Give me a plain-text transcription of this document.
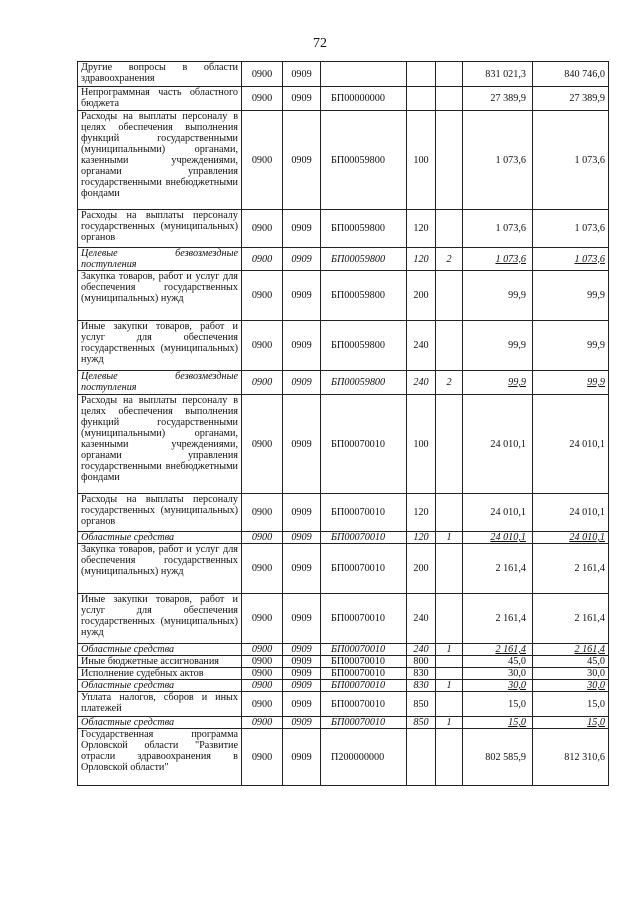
72
Другие вопросы в области здравоохранения	0900	0909				831 021,3	840 746,0
Непрограммная часть областного бюджета	0900	0909	БП00000000			27 389,9	27 389,9
Расходы на выплаты персоналу в целях обеспечения выполнения функций государственными (муниципальными) органами, казенными учреждениями, органами управления государственными внебюджетными фондами	0900	0909	БП00059800	100		1 073,6	1 073,6
Расходы на выплаты персоналу государственных (муниципальных) органов	0900	0909	БП00059800	120		1 073,6	1 073,6
Целевые безвозмездные поступления	0900	0909	БП00059800	120	2	1 073,6	1 073,6
Закупка товаров, работ и услуг для обеспечения государственных (муниципальных) нужд	0900	0909	БП00059800	200		99,9	99,9
Иные закупки товаров, работ и услуг для обеспечения государственных (муниципальных) нужд	0900	0909	БП00059800	240		99,9	99,9
Целевые безвозмездные поступления	0900	0909	БП00059800	240	2	99,9	99,9
Расходы на выплаты персоналу в целях обеспечения выполнения функций государственными (муниципальными) органами, казенными учреждениями, органами управления государственными внебюджетными фондами	0900	0909	БП00070010	100		24 010,1	24 010,1
Расходы на выплаты персоналу государственных (муниципальных) органов	0900	0909	БП00070010	120		24 010,1	24 010,1
Областные средства	0900	0909	БП00070010	120	1	24 010,1	24 010,1
Закупка товаров, работ и услуг для обеспечения государственных (муниципальных) нужд	0900	0909	БП00070010	200		2 161,4	2 161,4
Иные закупки товаров, работ и услуг для обеспечения государственных (муниципальных) нужд	0900	0909	БП00070010	240		2 161,4	2 161,4
Областные средства	0900	0909	БП00070010	240	1	2 161,4	2 161,4
Иные бюджетные ассигнования	0900	0909	БП00070010	800		45,0	45,0
Исполнение судебных актов	0900	0909	БП00070010	830		30,0	30,0
Областные средства	0900	0909	БП00070010	830	1	30,0	30,0
Уплата налогов, сборов и иных платежей	0900	0909	БП00070010	850		15,0	15,0
Областные средства	0900	0909	БП00070010	850	1	15,0	15,0
Государственная программа Орловской области "Развитие отрасли здравоохранения в Орловской области"	0900	0909	П200000000			802 585,9	812 310,6
